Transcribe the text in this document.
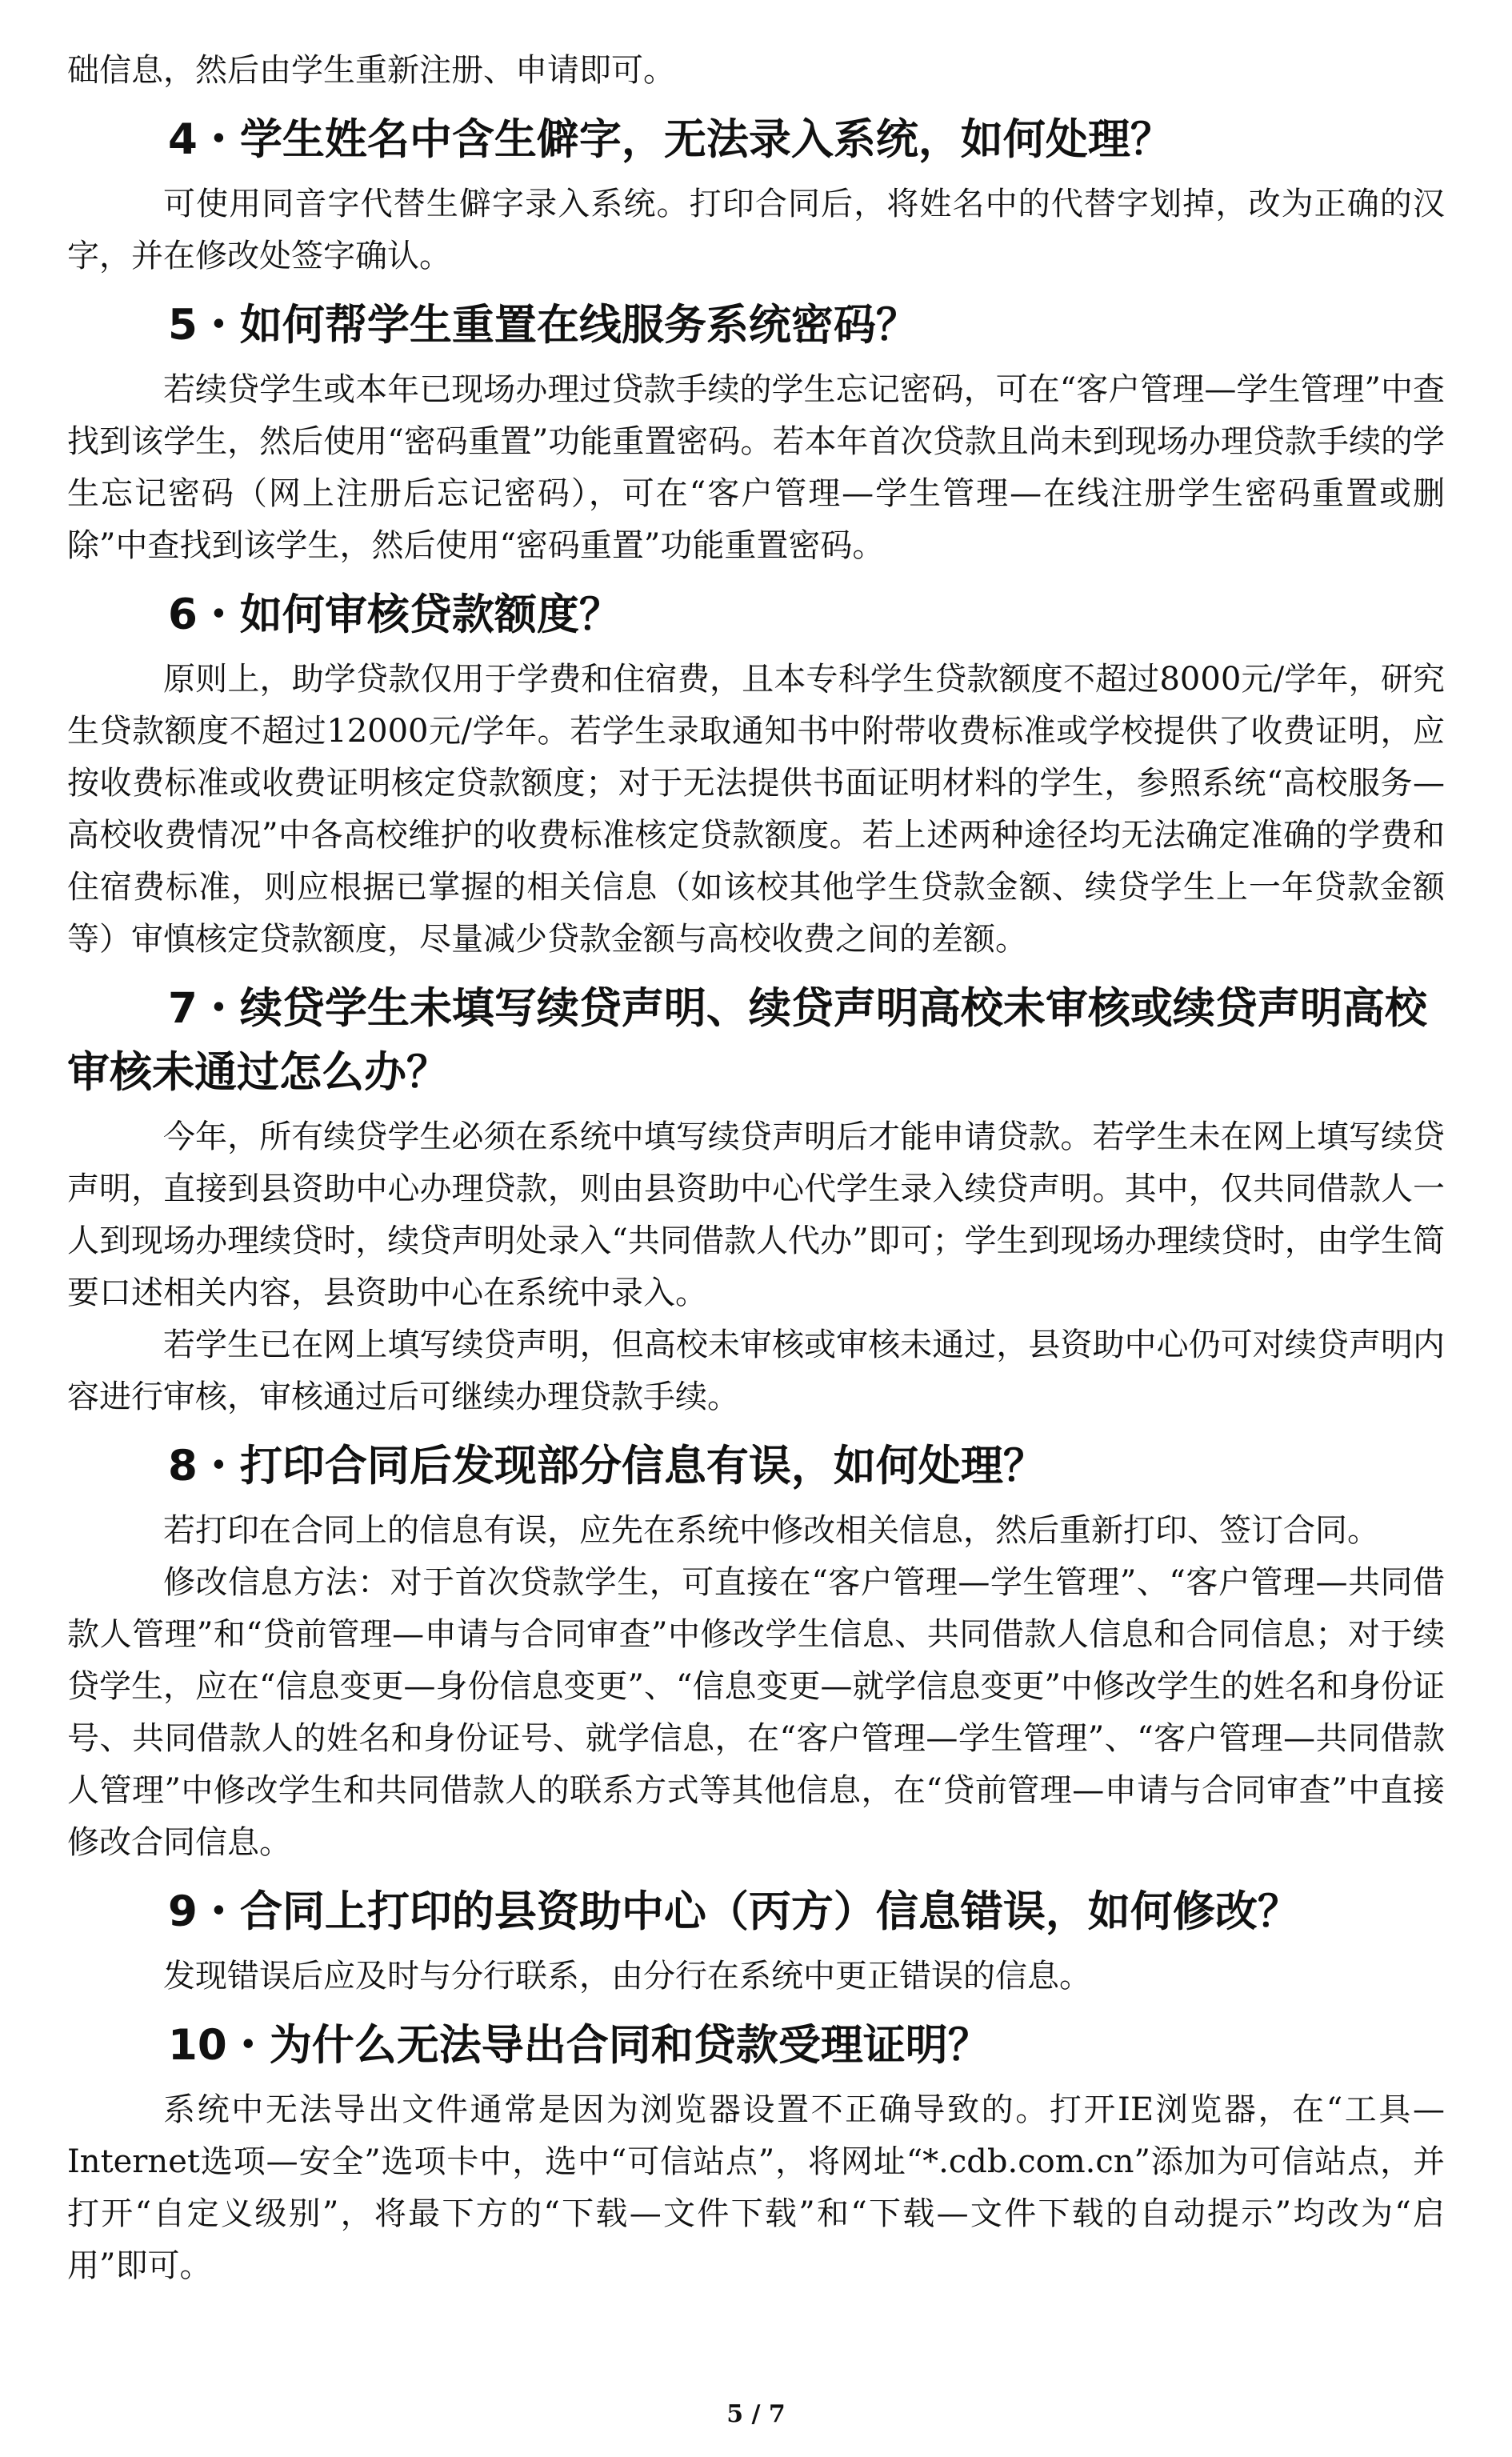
础信息，然后由学生重新注册、申请即可。

4・学生姓名中含生僻字，无法录入系统，如何处理？

可使用同音字代替生僻字录入系统。打印合同后，将姓名中的代替字划掉，改为正确的汉字，并在修改处签字确认。

5・如何帮学生重置在线服务系统密码？

若续贷学生或本年已现场办理过贷款手续的学生忘记密码，可在“客户管理—学生管理”中查找到该学生，然后使用“密码重置”功能重置密码。若本年首次贷款且尚未到现场办理贷款手续的学生忘记密码（网上注册后忘记密码），可在“客户管理—学生管理—在线注册学生密码重置或删除”中查找到该学生，然后使用“密码重置”功能重置密码。

6・如何审核贷款额度？

原则上，助学贷款仅用于学费和住宿费，且本专科学生贷款额度不超过8000元/学年，研究生贷款额度不超过12000元/学年。若学生录取通知书中附带收费标准或学校提供了收费证明，应按收费标准或收费证明核定贷款额度；对于无法提供书面证明材料的学生，参照系统“高校服务—高校收费情况”中各高校维护的收费标准核定贷款额度。若上述两种途径均无法确定准确的学费和住宿费标准，则应根据已掌握的相关信息（如该校其他学生贷款金额、续贷学生上一年贷款金额等）审慎核定贷款额度，尽量减少贷款金额与高校收费之间的差额。

7・续贷学生未填写续贷声明、续贷声明高校未审核或续贷声明高校审核未通过怎么办？

今年，所有续贷学生必须在系统中填写续贷声明后才能申请贷款。若学生未在网上填写续贷声明，直接到县资助中心办理贷款，则由县资助中心代学生录入续贷声明。其中，仅共同借款人一人到现场办理续贷时，续贷声明处录入“共同借款人代办”即可；学生到现场办理续贷时，由学生简要口述相关内容，县资助中心在系统中录入。

若学生已在网上填写续贷声明，但高校未审核或审核未通过，县资助中心仍可对续贷声明内容进行审核，审核通过后可继续办理贷款手续。

8・打印合同后发现部分信息有误，如何处理？

若打印在合同上的信息有误，应先在系统中修改相关信息，然后重新打印、签订合同。

修改信息方法：对于首次贷款学生，可直接在“客户管理—学生管理”、“客户管理—共同借款人管理”和“贷前管理—申请与合同审查”中修改学生信息、共同借款人信息和合同信息；对于续贷学生，应在“信息变更—身份信息变更”、“信息变更—就学信息变更”中修改学生的姓名和身份证号、共同借款人的姓名和身份证号、就学信息，在“客户管理—学生管理”、“客户管理—共同借款人管理”中修改学生和共同借款人的联系方式等其他信息，在“贷前管理—申请与合同审查”中直接修改合同信息。

9・合同上打印的县资助中心（丙方）信息错误，如何修改？

发现错误后应及时与分行联系，由分行在系统中更正错误的信息。

10・为什么无法导出合同和贷款受理证明？

系统中无法导出文件通常是因为浏览器设置不正确导致的。打开IE浏览器，在“工具—Internet选项—安全”选项卡中，选中“可信站点”，将网址“*.cdb.com.cn”添加为可信站点，并打开“自定义级别”，将最下方的“下载—文件下载”和“下载—文件下载的自动提示”均改为“启用”即可。

5 / 7
